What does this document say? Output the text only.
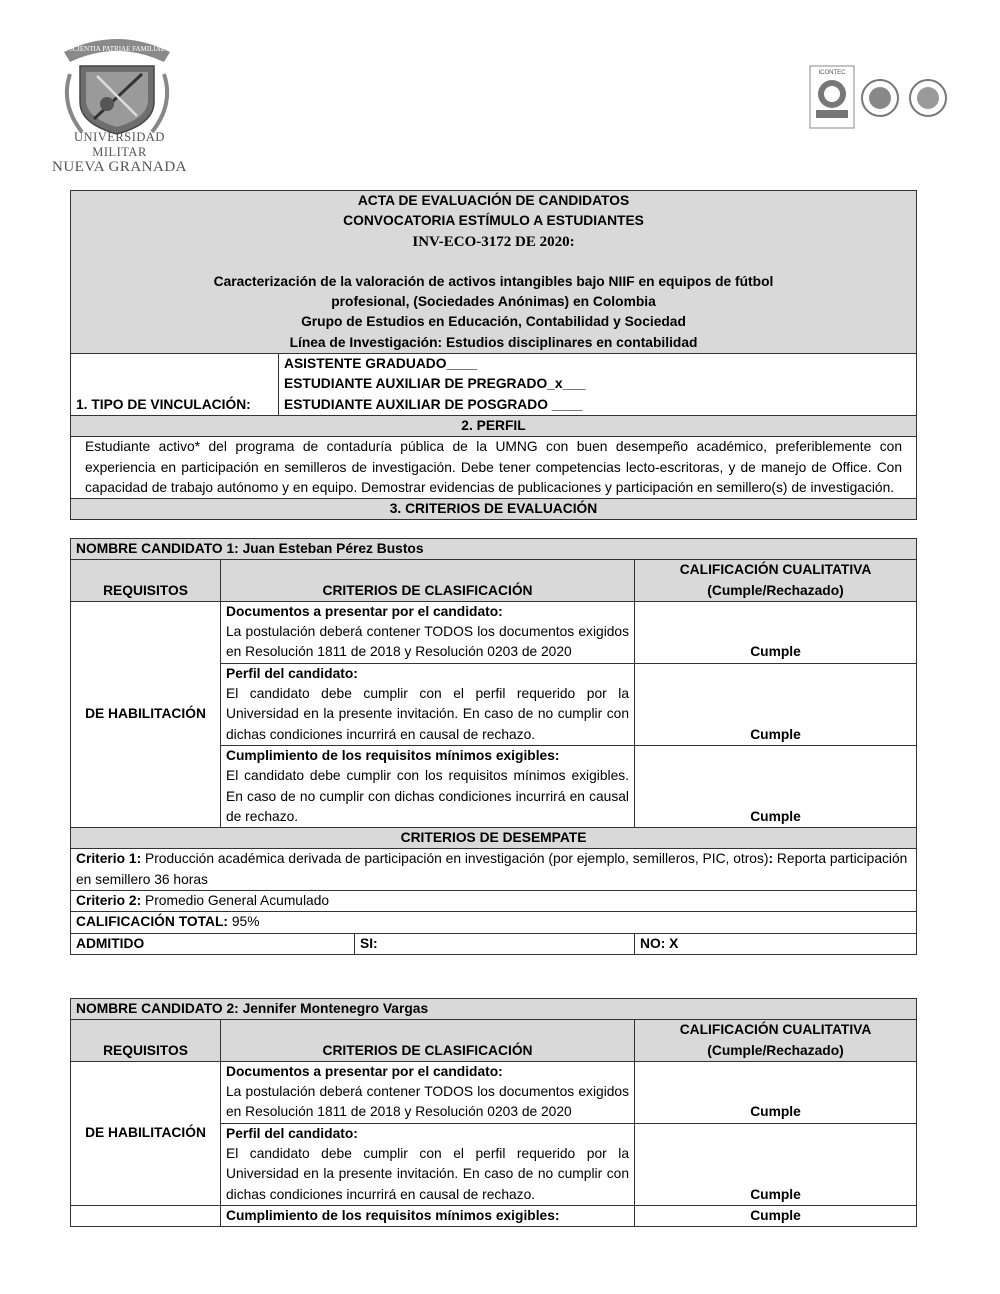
SCIENTIA PATRIAE FAMILIAE
UNIVERSIDAD MILITAR
NUEVA GRANADA
ICONTEC
ACTA DE EVALUACIÓN DE CANDIDATOS
CONVOCATORIA ESTÍMULO A ESTUDIANTES
INV-ECO-3172 DE 2020:
Caracterización de la valoración de activos intangibles bajo NIIF en equipos de fútbol
profesional, (Sociedades Anónimas) en Colombia
Grupo de Estudios en Educación, Contabilidad y Sociedad
Línea de Investigación: Estudios disciplinares en contabilidad

1. TIPO DE VINCULACIÓN:	
ASISTENTE GRADUADO____
ESTUDIANTE AUXILIAR DE PREGRADO_x___
ESTUDIANTE AUXILIAR DE POSGRADO ____

2. PERFIL
Estudiante activo* del programa de contaduría pública de la UMNG con buen desempeño académico, preferiblemente con experiencia en participación en semilleros de investigación. Debe tener competencias lecto-escritoras, y de manejo de Office. Con capacidad de trabajo autónomo y en equipo. Demostrar evidencias de publicaciones y participación en semillero(s) de investigación.
3. CRITERIOS DE EVALUACIÓN
NOMBRE CANDIDATO 1: Juan Esteban Pérez Bustos			
REQUISITOS	CRITERIOS DE CLASIFICACIÓN		CALIFICACIÓN CUALITATIVA
(Cumple/Rechazado)

DE HABILITACIÓN	Documentos a presentar por el candidato:
La postulación deberá contener TODOS los documentos exigidos en Resolución 1811 de 2018 y Resolución 0203 de 2020		Cumple

	Perfil del candidato:
El candidato debe cumplir con el perfil requerido por la Universidad en la presente invitación. En caso de no cumplir con dichas condiciones incurrirá en causal de rechazo.		Cumple

	Cumplimiento de los requisitos mínimos exigibles:
El candidato debe cumplir con los requisitos mínimos exigibles. En caso de no cumplir con dichas condiciones incurrirá en causal de rechazo.		Cumple
CRITERIOS DE DESEMPATE			
Criterio 1: Producción académica derivada de participación en investigación (por ejemplo, semilleros, PIC, otros): Reporta participación en semillero 36 horas			
Criterio 2: Promedio General Acumulado			
CALIFICACIÓN TOTAL: 95%			
ADMITIDO		SI:	NO: X
NOMBRE CANDIDATO 2: Jennifer Montenegro Vargas		
REQUISITOS	CRITERIOS DE CLASIFICACIÓN	CALIFICACIÓN CUALITATIVA
(Cumple/Rechazado)

DE HABILITACIÓN	Documentos a presentar por el candidato:
La postulación deberá contener TODOS los documentos exigidos en Resolución 1811 de 2018 y Resolución 0203 de 2020	Cumple

	Perfil del candidato:
El candidato debe cumplir con el perfil requerido por la Universidad en la presente invitación. En caso de no cumplir con dichas condiciones incurrirá en causal de rechazo.	Cumple
	Cumplimiento de los requisitos mínimos exigibles:	Cumple
